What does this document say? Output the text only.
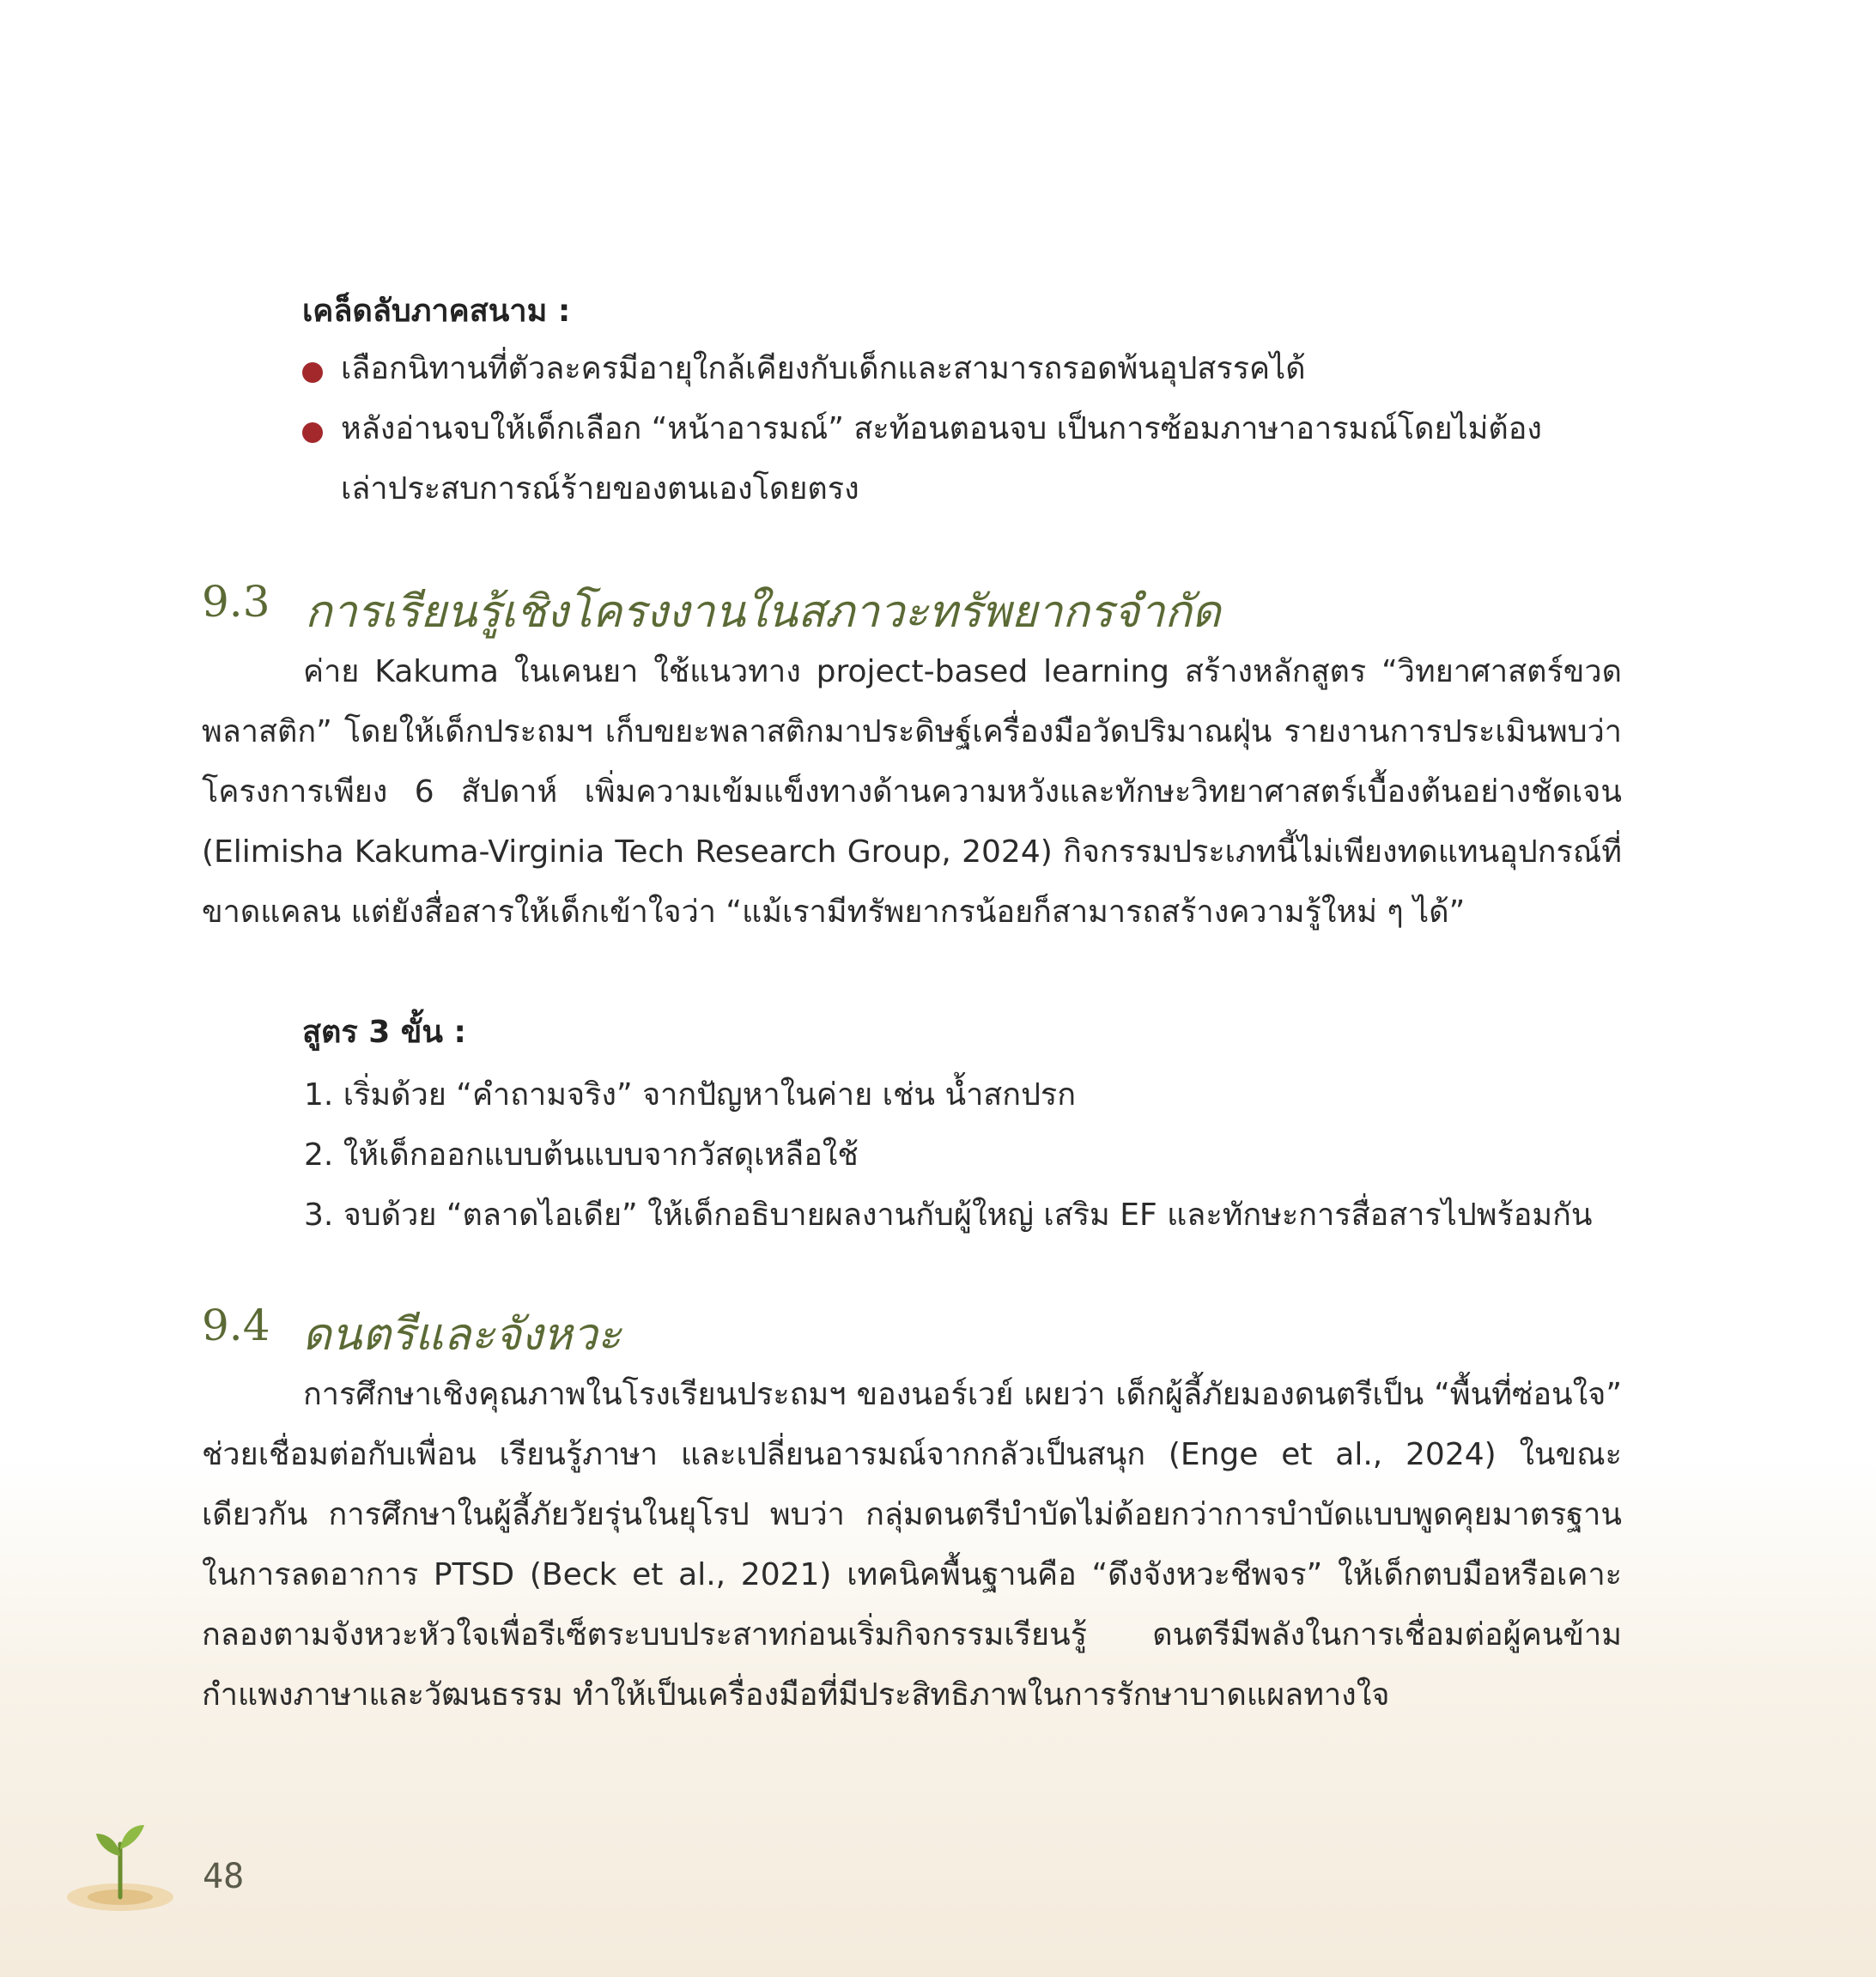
เคล็ดลับภาคสนาม :
เลือกนิทานที่ตัวละครมีอายุใกล้เคียงกับเด็กและสามารถรอดพ้นอุปสรรคได้
หลังอ่านจบให้เด็กเลือก “หน้าอารมณ์” สะท้อนตอนจบ เป็นการซ้อมภาษาอารมณ์โดยไม่ต้อง
เล่าประสบการณ์ร้ายของตนเองโดยตรง
9.3 การเรียนรู้เชิงโครงงานในสภาวะทรัพยากรจำกัด
ค่าย Kakuma ในเคนยา ใช้แนวทาง project-based learning สร้างหลักสูตร “วิทยาศาสตร์ขวดพลาสติก” โดยให้เด็กประถมฯ เก็บขยะพลาสติกมาประดิษฐ์เครื่องมือวัดปริมาณฝุ่น รายงานการประเมินพบว่า โครงการเพียง 6 สัปดาห์ เพิ่มความเข้มแข็งทางด้านความหวังและทักษะวิทยาศาสตร์เบื้องต้นอย่างชัดเจน (Elimisha Kakuma-Virginia Tech Research Group, 2024) กิจกรรมประเภทนี้ไม่เพียงทดแทนอุปกรณ์ที่ขาดแคลน แต่ยังสื่อสารให้เด็กเข้าใจว่า “แม้เรามีทรัพยากรน้อยก็สามารถสร้างความรู้ใหม่ ๆ ได้”
สูตร 3 ขั้น :
1. เริ่มด้วย “คำถามจริง” จากปัญหาในค่าย เช่น น้ำสกปรก
2. ให้เด็กออกแบบต้นแบบจากวัสดุเหลือใช้
3. จบด้วย “ตลาดไอเดีย” ให้เด็กอธิบายผลงานกับผู้ใหญ่ เสริม EF และทักษะการสื่อสารไปพร้อมกัน
9.4 ดนตรีและจังหวะ
การศึกษาเชิงคุณภาพในโรงเรียนประถมฯ ของนอร์เวย์ เผยว่า เด็กผู้ลี้ภัยมองดนตรีเป็น “พื้นที่ซ่อนใจ” ช่วยเชื่อมต่อกับเพื่อน เรียนรู้ภาษา และเปลี่ยนอารมณ์จากกลัวเป็นสนุก (Enge et al., 2024) ในขณะเดียวกัน การศึกษาในผู้ลี้ภัยวัยรุ่นในยุโรป พบว่า กลุ่มดนตรีบำบัดไม่ด้อยกว่าการบำบัดแบบพูดคุยมาตรฐานในการลดอาการ PTSD (Beck et al., 2021) เทคนิคพื้นฐานคือ “ดึงจังหวะชีพจร” ให้เด็กตบมือหรือเคาะกลองตามจังหวะหัวใจเพื่อรีเซ็ตระบบประสาทก่อนเริ่มกิจกรรมเรียนรู้ ดนตรีมีพลังในการเชื่อมต่อผู้คนข้ามกำแพงภาษาและวัฒนธรรม ทำให้เป็นเครื่องมือที่มีประสิทธิภาพในการรักษาบาดแผลทางใจ
48
